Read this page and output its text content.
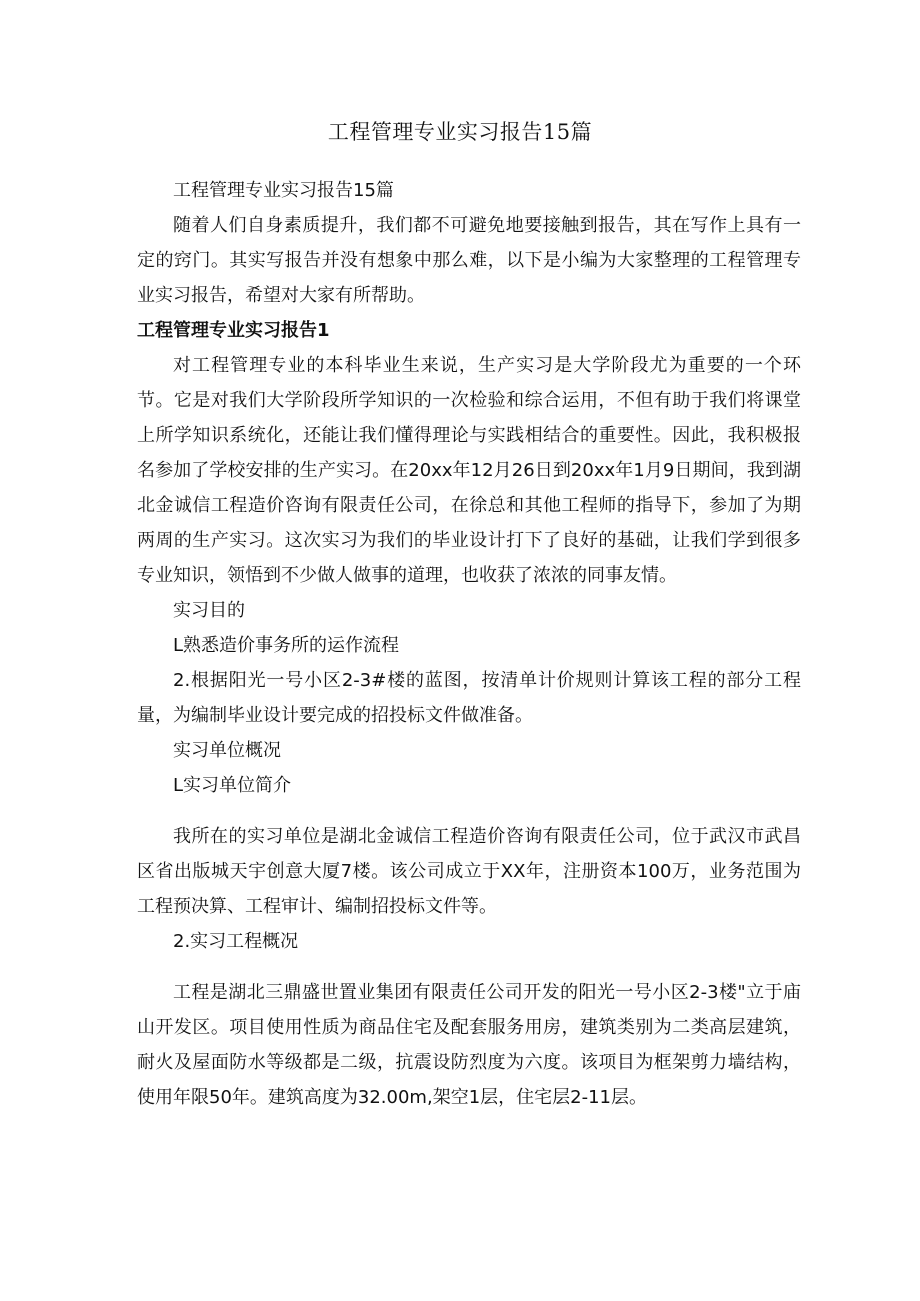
工程管理专业实习报告15篇

工程管理专业实习报告15篇

随着人们自身素质提升，我们都不可避免地要接触到报告，其在写作上具有一定的窍门。其实写报告并没有想象中那么难，以下是小编为大家整理的工程管理专业实习报告，希望对大家有所帮助。

工程管理专业实习报告1

对工程管理专业的本科毕业生来说，生产实习是大学阶段尤为重要的一个环节。它是对我们大学阶段所学知识的一次检验和综合运用，不但有助于我们将课堂上所学知识系统化，还能让我们懂得理论与实践相结合的重要性。因此，我积极报名参加了学校安排的生产实习。在20xx年12月26日到20xx年1月9日期间，我到湖北金诚信工程造价咨询有限责任公司，在徐总和其他工程师的指导下，参加了为期两周的生产实习。这次实习为我们的毕业设计打下了良好的基础，让我们学到很多专业知识，领悟到不少做人做事的道理，也收获了浓浓的同事友情。

实习目的

L熟悉造价事务所的运作流程

2.根据阳光一号小区2-3#楼的蓝图，按清单计价规则计算该工程的部分工程量，为编制毕业设计要完成的招投标文件做准备。

实习单位概况

L实习单位简介

我所在的实习单位是湖北金诚信工程造价咨询有限责任公司，位于武汉市武昌区省出版城天宇创意大厦7楼。该公司成立于XX年，注册资本100万，业务范围为工程预决算、工程审计、编制招投标文件等。

2.实习工程概况

工程是湖北三鼎盛世置业集团有限责任公司开发的阳光一号小区2-3楼"立于庙山开发区。项目使用性质为商品住宅及配套服务用房，建筑类别为二类高层建筑，耐火及屋面防水等级都是二级，抗震设防烈度为六度。该项目为框架剪力墙结构，使用年限50年。建筑高度为32.00m,架空1层，住宅层2-11层。
